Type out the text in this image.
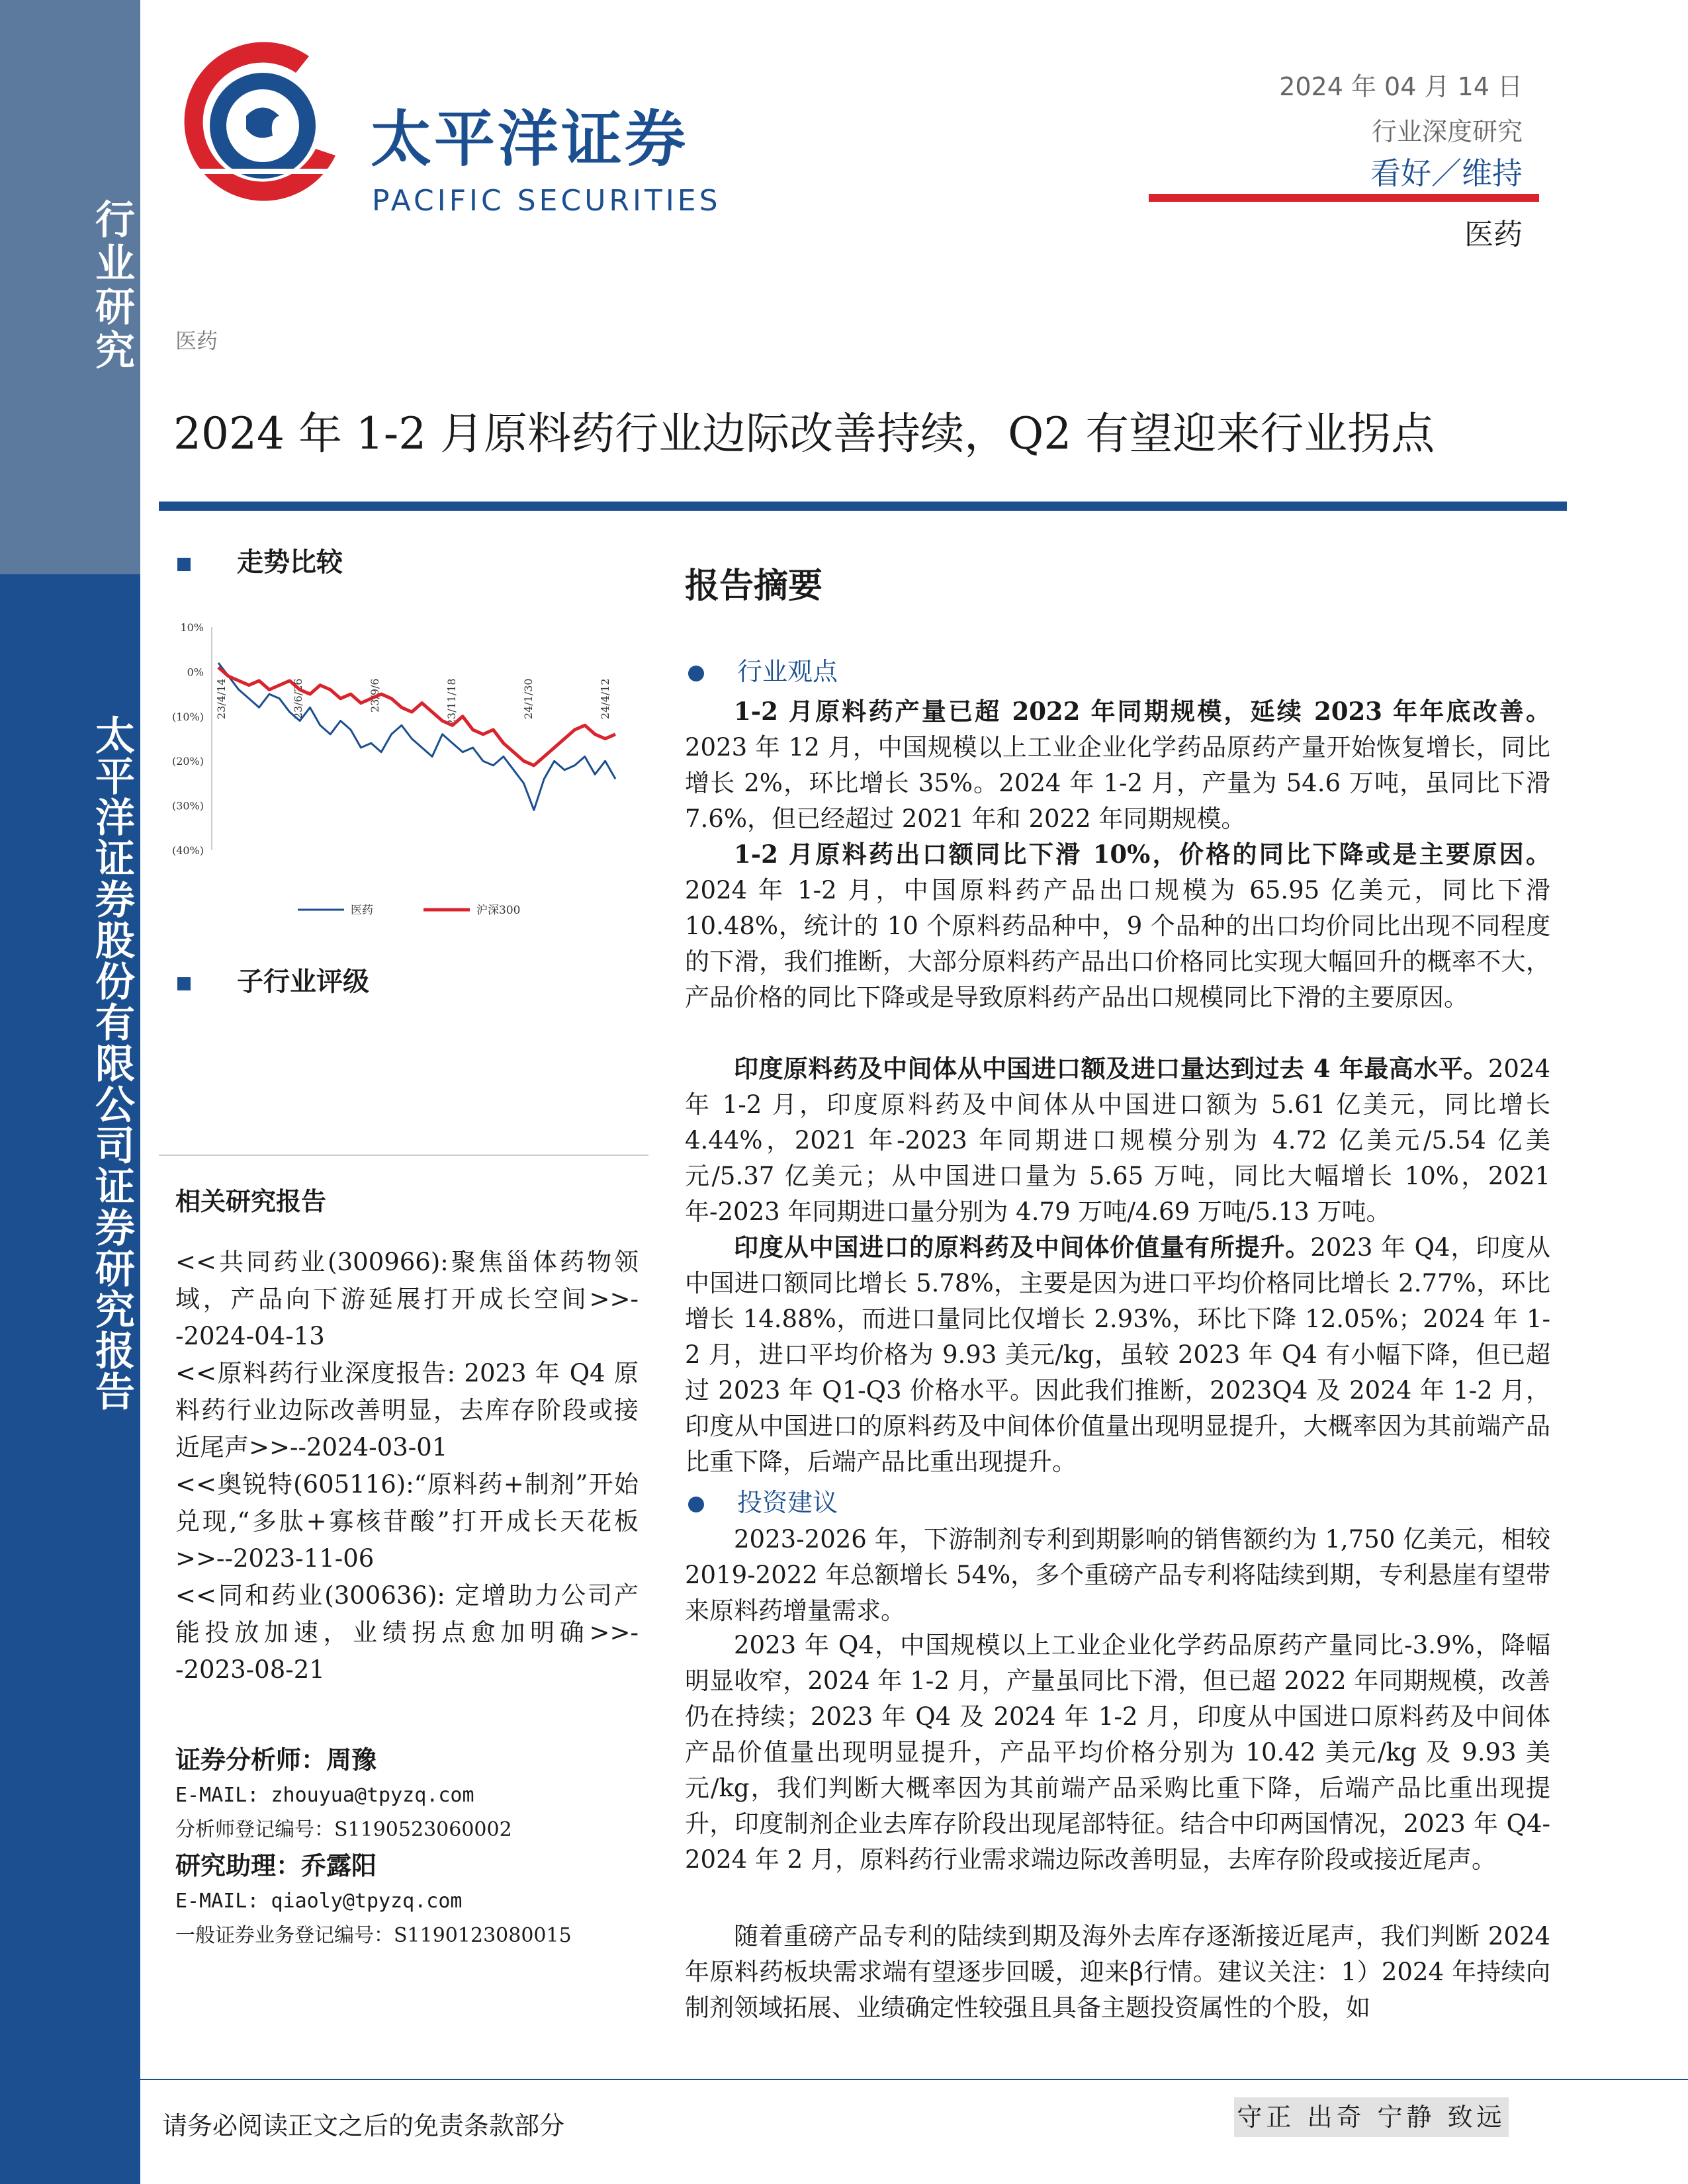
行业研究
太平洋证券股份有限公司证券研究报告
太平洋证券
PACIFIC SECURITIES
2024 年 04 月 14 日
行业深度研究
看好／维持
医药
医药
2024 年 1-2 月原料药行业边际改善持续，Q2 有望迎来行业拐点
走势比较
10%
0%
(10%)
(20%)
(30%)
(40%)
23/4/14	23/6/26	23/9/6	23/11/18	24/1/30	24/4/12
医药	沪深300
子行业评级
相关研究报告

<<共同药业(300966):聚焦甾体药物领域，产品向下游延展打开成长空间>>--2024-04-13

<<原料药行业深度报告: 2023 年 Q4 原料药行业边际改善明显，去库存阶段或接近尾声>>--2024-03-01

<<奥锐特(605116):“原料药+制剂”开始兑现,“多肽+寡核苷酸”打开成长天花板>>--2023-11-06

<<同和药业(300636): 定增助力公司产能投放加速，业绩拐点愈加明确>>--2023-08-21

证券分析师：周豫
E-MAIL: zhouyua@tpyzq.com
分析师登记编号：S1190523060002
研究助理：乔露阳
E-MAIL: qiaoly@tpyzq.com
一般证券业务登记编号：S1190123080015
报告摘要
行业观点

1-2 月原料药产量已超 2022 年同期规模，延续 2023 年年底改善。2023 年 12 月，中国规模以上工业企业化学药品原药产量开始恢复增长，同比增长 2%，环比增长 35%。2024 年 1-2 月，产量为 54.6 万吨，虽同比下滑 7.6%，但已经超过 2021 年和 2022 年同期规模。

1-2 月原料药出口额同比下滑 10%，价格的同比下降或是主要原因。2024 年 1-2 月，中国原料药产品出口规模为 65.95 亿美元，同比下滑 10.48%，统计的 10 个原料药品种中，9 个品种的出口均价同比出现不同程度的下滑，我们推断，大部分原料药产品出口价格同比实现大幅回升的概率不大，产品价格的同比下降或是导致原料药产品出口规模同比下滑的主要原因。

印度原料药及中间体从中国进口额及进口量达到过去 4 年最高水平。2024 年 1-2 月，印度原料药及中间体从中国进口额为 5.61 亿美元，同比增长 4.44%，2021 年-2023 年同期进口规模分别为 4.72 亿美元/5.54 亿美元/5.37 亿美元；从中国进口量为 5.65 万吨，同比大幅增长 10%，2021 年-2023 年同期进口量分别为 4.79 万吨/4.69 万吨/5.13 万吨。

印度从中国进口的原料药及中间体价值量有所提升。2023 年 Q4，印度从中国进口额同比增长 5.78%，主要是因为进口平均价格同比增长 2.77%，环比增长 14.88%，而进口量同比仅增长 2.93%，环比下降 12.05%；2024 年 1-2 月，进口平均价格为 9.93 美元/kg，虽较 2023 年 Q4 有小幅下降，但已超过 2023 年 Q1-Q3 价格水平。因此我们推断，2023Q4 及 2024 年 1-2 月，印度从中国进口的原料药及中间体价值量出现明显提升，大概率因为其前端产品比重下降，后端产品比重出现提升。

投资建议

2023-2026 年，下游制剂专利到期影响的销售额约为 1,750 亿美元，相较 2019-2022 年总额增长 54%，多个重磅产品专利将陆续到期，专利悬崖有望带来原料药增量需求。

2023 年 Q4，中国规模以上工业企业化学药品原药产量同比-3.9%，降幅明显收窄，2024 年 1-2 月，产量虽同比下滑，但已超 2022 年同期规模，改善仍在持续；2023 年 Q4 及 2024 年 1-2 月，印度从中国进口原料药及中间体产品价值量出现明显提升，产品平均价格分别为 10.42 美元/kg 及 9.93 美元/kg，我们判断大概率因为其前端产品采购比重下降，后端产品比重出现提升，印度制剂企业去库存阶段出现尾部特征。结合中印两国情况，2023 年 Q4-2024 年 2 月，原料药行业需求端边际改善明显，去库存阶段或接近尾声。

随着重磅产品专利的陆续到期及海外去库存逐渐接近尾声，我们判断 2024 年原料药板块需求端有望逐步回暖，迎来β行情。建议关注：1）2024 年持续向制剂领域拓展、业绩确定性较强且具备主题投资属性的个股，如

请务必阅读正文之后的免责条款部分	守正 出奇 宁静 致远
